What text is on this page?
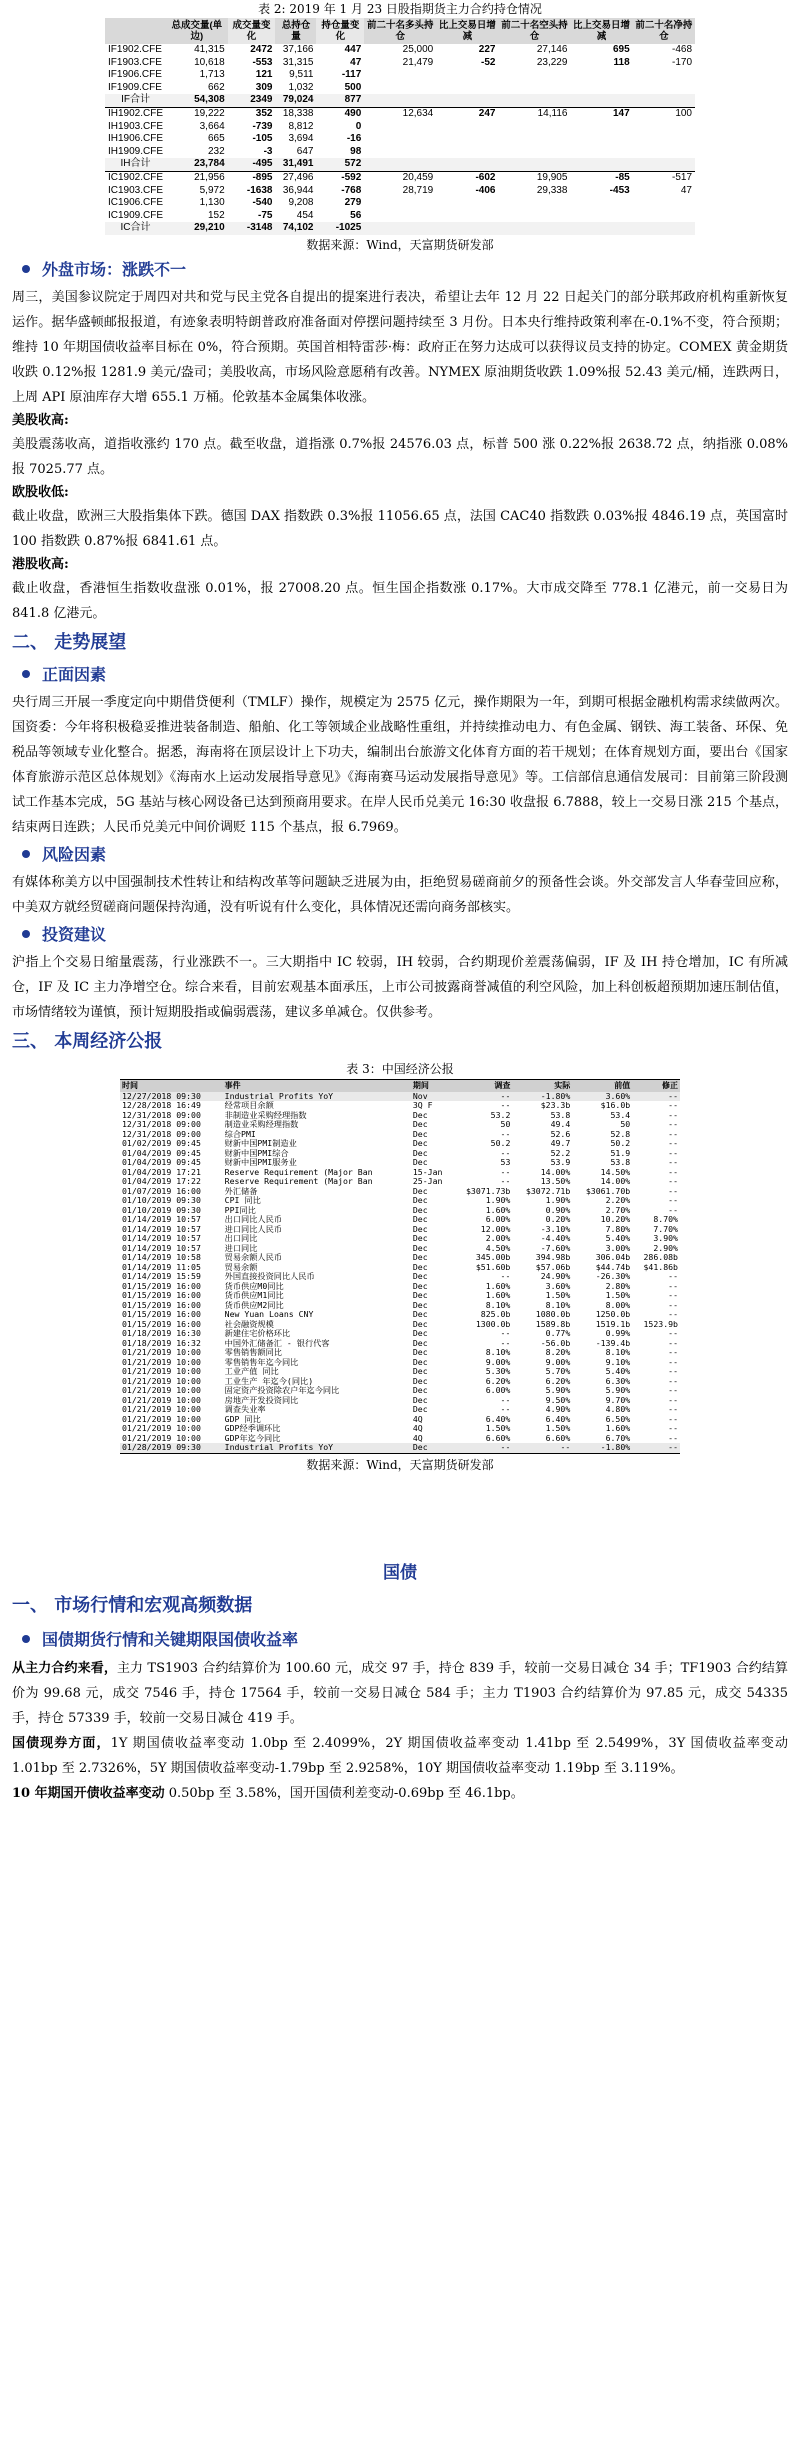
表 2: 2019 年 1 月 23 日股指期货主力合约持仓情况
	总成交量(单边)	成交量变化	总持仓量	持仓量变化	前二十名多头持仓	比上交易日增减	前二十名空头持仓	比上交易日增减	前二十名净持仓
IF1902.CFE	41,315	2472	37,166	447	25,000	227	27,146	695	-468
IF1903.CFE	10,618	-553	31,315	47	21,479	-52	23,229	118	-170
IF1906.CFE	1,713	121	9,511	-117					
IF1909.CFE	662	309	1,032	500					
IF合计	54,308	2349	79,024	877					
IH1902.CFE	19,222	352	18,338	490	12,634	247	14,116	147	100
IH1903.CFE	3,664	-739	8,812	0					
IH1906.CFE	665	-105	3,694	-16					
IH1909.CFE	232	-3	647	98					
IH合计	23,784	-495	31,491	572					
IC1902.CFE	21,956	-895	27,496	-592	20,459	-602	19,905	-85	-517
IC1903.CFE	5,972	-1638	36,944	-768	28,719	-406	29,338	-453	47
IC1906.CFE	1,130	-540	9,208	279					
IC1909.CFE	152	-75	454	56					
IC合计	29,210	-3148	74,102	-1025					
数据来源：Wind，天富期货研发部
外盘市场：涨跌不一

周三，美国参议院定于周四对共和党与民主党各自提出的提案进行表决，希望让去年 12 月 22 日起关门的部分联邦政府机构重新恢复运作。据华盛顿邮报报道，有迹象表明特朗普政府准备面对停摆问题持续至 3 月份。日本央行维持政策利率在-0.1%不变，符合预期；维持 10 年期国债收益率目标在 0%，符合预期。英国首相特雷莎·梅：政府正在努力达成可以获得议员支持的协定。COMEX 黄金期货收跌 0.12%报 1281.9 美元/盎司；美股收高，市场风险意愿稍有改善。NYMEX 原油期货收跌 1.09%报 52.43 美元/桶，连跌两日，上周 API 原油库存大增 655.1 万桶。伦敦基本金属集体收涨。

美股收高:

美股震荡收高，道指收涨约 170 点。截至收盘，道指涨 0.7%报 24576.03 点，标普 500 涨 0.22%报 2638.72 点，纳指涨 0.08%报 7025.77 点。

欧股收低:

截止收盘，欧洲三大股指集体下跌。德国 DAX 指数跌 0.3%报 11056.65 点，法国 CAC40 指数跌 0.03%报 4846.19 点，英国富时 100 指数跌 0.87%报 6841.61 点。

港股收高:

截止收盘，香港恒生指数收盘涨 0.01%，报 27008.20 点。恒生国企指数涨 0.17%。大市成交降至 778.1 亿港元，前一交易日为 841.8 亿港元。

二、 走势展望
正面因素

央行周三开展一季度定向中期借贷便利（TMLF）操作，规模定为 2575 亿元，操作期限为一年，到期可根据金融机构需求续做两次。国资委：今年将积极稳妥推进装备制造、船舶、化工等领域企业战略性重组，并持续推动电力、有色金属、钢铁、海工装备、环保、免税品等领域专业化整合。据悉，海南将在顶层设计上下功夫，编制出台旅游文化体育方面的若干规划；在体育规划方面，要出台《国家体育旅游示范区总体规划》《海南水上运动发展指导意见》《海南赛马运动发展指导意见》等。工信部信息通信发展司：目前第三阶段测试工作基本完成，5G 基站与核心网设备已达到预商用要求。在岸人民币兑美元 16:30 收盘报 6.7888，较上一交易日涨 215 个基点，结束两日连跌；人民币兑美元中间价调贬 115 个基点，报 6.7969。

风险因素

有媒体称美方以中国强制技术性转让和结构改革等问题缺乏进展为由，拒绝贸易磋商前夕的预备性会谈。外交部发言人华春莹回应称，中美双方就经贸磋商问题保持沟通，没有听说有什么变化，具体情况还需向商务部核实。

投资建议

沪指上个交易日缩量震荡，行业涨跌不一。三大期指中 IC 较弱，IH 较弱，合约期现价差震荡偏弱，IF 及 IH 持仓增加，IC 有所减仓，IF 及 IC 主力净增空仓。综合来看，目前宏观基本面承压，上市公司披露商誉减值的利空风险，加上科创板超预期加速压制估值，市场情绪较为谨慎，预计短期股指或偏弱震荡，建议多单减仓。仅供参考。

三、 本周经济公报
表 3：中国经济公报
时间	事件	期间	调查	实际	前值	修正
12/27/2018 09:30	Industrial Profits YoY	Nov	--	-1.80%	3.60%	--
12/28/2018 16:49	经常项目余额	3Q F	--	$23.3b	$16.0b	--
12/31/2018 09:00	非制造业采购经理指数	Dec	53.2	53.8	53.4	--
12/31/2018 09:00	制造业采购经理指数	Dec	50	49.4	50	--
12/31/2018 09:00	综合PMI	Dec	--	52.6	52.8	--
01/02/2019 09:45	财新中国PMI制造业	Dec	50.2	49.7	50.2	--
01/04/2019 09:45	财新中国PMI综合	Dec	--	52.2	51.9	--
01/04/2019 09:45	财新中国PMI服务业	Dec	53	53.9	53.8	--
01/04/2019 17:21	Reserve Requirement (Major Ban	15-Jan	--	14.00%	14.50%	--
01/04/2019 17:22	Reserve Requirement (Major Ban	25-Jan	--	13.50%	14.00%	--
01/07/2019 16:00	外汇储备	Dec	$3071.73b	$3072.71b	$3061.70b	--
01/10/2019 09:30	CPI 同比	Dec	1.90%	1.90%	2.20%	--
01/10/2019 09:30	PPI同比	Dec	1.60%	0.90%	2.70%	--
01/14/2019 10:57	出口同比人民币	Dec	6.00%	0.20%	10.20%	8.70%
01/14/2019 10:57	进口同比人民币	Dec	12.00%	-3.10%	7.80%	7.70%
01/14/2019 10:57	出口同比	Dec	2.00%	-4.40%	5.40%	3.90%
01/14/2019 10:57	进口同比	Dec	4.50%	-7.60%	3.00%	2.90%
01/14/2019 10:58	贸易余额人民币	Dec	345.00b	394.98b	306.04b	286.08b
01/14/2019 11:05	贸易余额	Dec	$51.60b	$57.06b	$44.74b	$41.86b
01/14/2019 15:59	外国直接投资同比人民币	Dec	--	24.90%	-26.30%	--
01/15/2019 16:00	货币供应M0同比	Dec	1.60%	3.60%	2.80%	--
01/15/2019 16:00	货币供应M1同比	Dec	1.60%	1.50%	1.50%	--
01/15/2019 16:00	货币供应M2同比	Dec	8.10%	8.10%	8.00%	--
01/15/2019 16:00	New Yuan Loans CNY	Dec	825.0b	1080.0b	1250.0b	--
01/15/2019 16:00	社会融资规模	Dec	1300.0b	1589.8b	1519.1b	1523.9b
01/18/2019 16:30	新建住宅价格环比	Dec	--	0.77%	0.99%	--
01/18/2019 16:32	中国外汇储备汇 - 银行代客	Dec	--	-56.0b	-139.4b	--
01/21/2019 10:00	零售销售额同比	Dec	8.10%	8.20%	8.10%	--
01/21/2019 10:00	零售销售年迄今同比	Dec	9.00%	9.00%	9.10%	--
01/21/2019 10:00	工业产值 同比	Dec	5.30%	5.70%	5.40%	--
01/21/2019 10:00	工业生产 年迄今(同比)	Dec	6.20%	6.20%	6.30%	--
01/21/2019 10:00	固定资产投资除农户年迄今同比	Dec	6.00%	5.90%	5.90%	--
01/21/2019 10:00	房地产开发投资同比	Dec	--	9.50%	9.70%	--
01/21/2019 10:00	调查失业率	Dec	--	4.90%	4.80%	--
01/21/2019 10:00	GDP 同比	4Q	6.40%	6.40%	6.50%	--
01/21/2019 10:00	GDP经季调环比	4Q	1.50%	1.50%	1.60%	--
01/21/2019 10:00	GDP年迄今同比	4Q	6.60%	6.60%	6.70%	--
01/28/2019 09:30	Industrial Profits YoY	Dec	--	--	-1.80%	--
数据来源：Wind，天富期货研发部
国债
一、 市场行情和宏观高频数据
国债期货行情和关键期限国债收益率

从主力合约来看，主力 TS1903 合约结算价为 100.60 元，成交 97 手，持仓 839 手，较前一交易日减仓 34 手；TF1903 合约结算价为 99.68 元，成交 7546 手，持仓 17564 手，较前一交易日减仓 584 手；主力 T1903 合约结算价为 97.85 元，成交 54335 手，持仓 57339 手，较前一交易日减仓 419 手。

国债现券方面，1Y 期国债收益率变动 1.0bp 至 2.4099%，2Y 期国债收益率变动 1.41bp 至 2.5499%，3Y 国债收益率变动 1.01bp 至 2.7326%，5Y 期国债收益率变动-1.79bp 至 2.9258%，10Y 期国债收益率变动 1.19bp 至 3.119%。

10 年期国开债收益率变动 0.50bp 至 3.58%，国开国债利差变动-0.69bp 至 46.1bp。
